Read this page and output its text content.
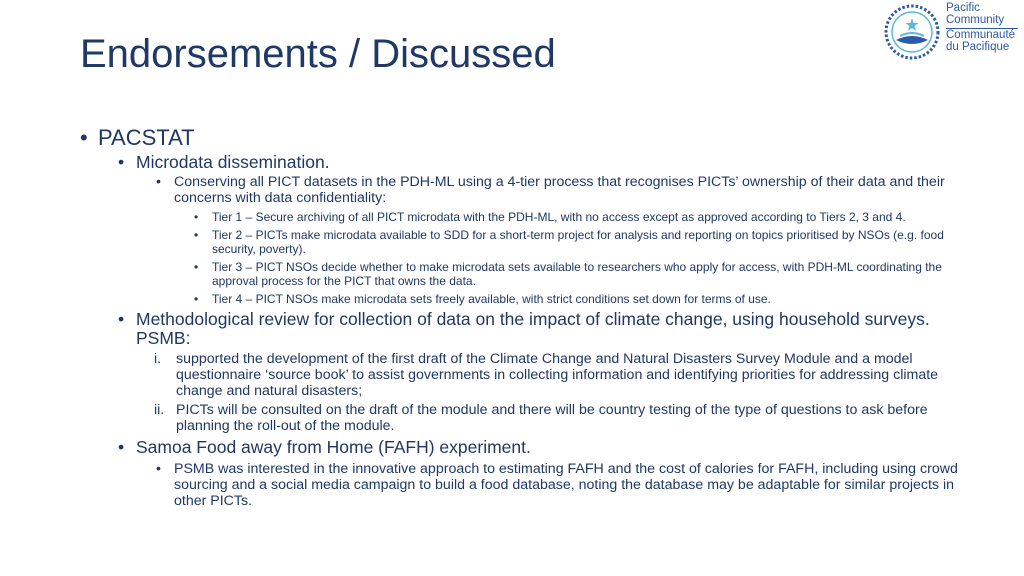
Endorsements / Discussed
Pacific
Community
Communauté
du Pacifique
• PACSTAT
• Microdata dissemination.
• Conserving all PICT datasets in the PDH-ML using a 4-tier process that recognises PICTs’ ownership of their data and their concerns with data confidentiality:
• Tier 1 – Secure archiving of all PICT microdata with the PDH-ML, with no access except as approved according to Tiers 2, 3 and 4.
• Tier 2 – PICTs make microdata available to SDD for a short-term project for analysis and reporting on topics prioritised by NSOs (e.g. food security, poverty).
• Tier 3 – PICT NSOs decide whether to make microdata sets available to researchers who apply for access, with PDH-ML coordinating the approval process for the PICT that owns the data.
• Tier 4 – PICT NSOs make microdata sets freely available, with strict conditions set down for terms of use.
• Methodological review for collection of data on the impact of climate change, using household surveys. PSMB:
i. supported the development of the first draft of the Climate Change and Natural Disasters Survey Module and a model questionnaire ‘source book’ to assist governments in collecting information and identifying priorities for addressing climate change and natural disasters;
ii. PICTs will be consulted on the draft of the module and there will be country testing of the type of questions to ask before planning the roll-out of the module.
• Samoa Food away from Home (FAFH) experiment.
• PSMB was interested in the innovative approach to estimating FAFH and the cost of calories for FAFH, including using crowd sourcing and a social media campaign to build a food database, noting the database may be adaptable for similar projects in other PICTs.
